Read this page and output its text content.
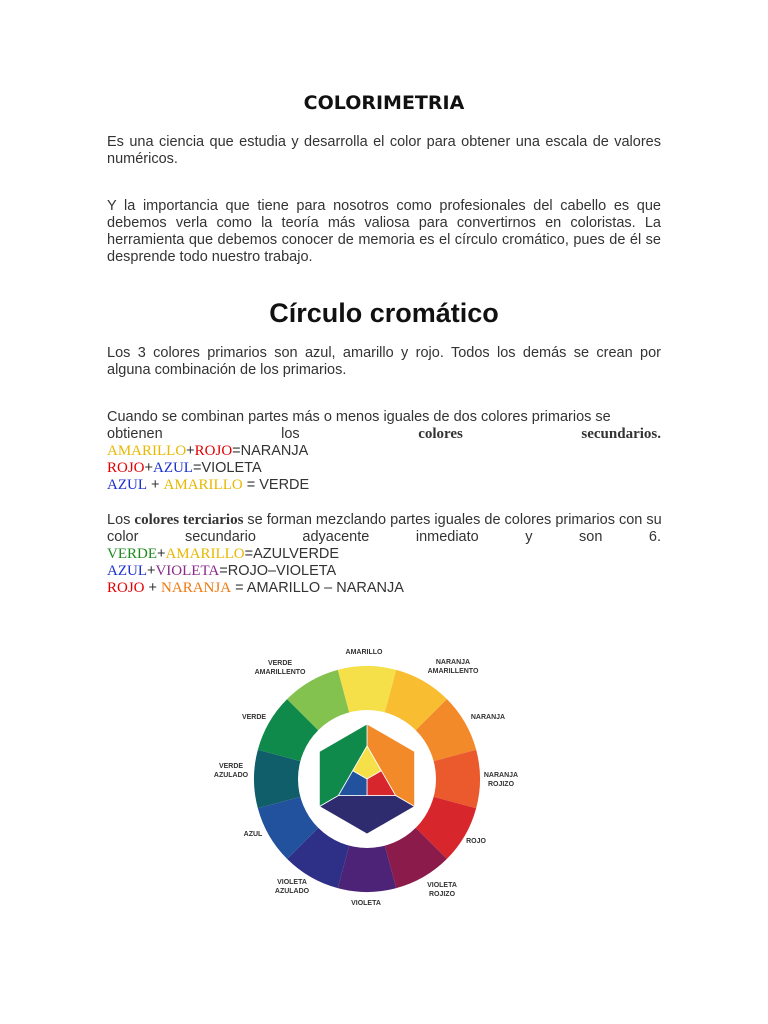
COLORIMETRIA

Es una ciencia que estudia y desarrolla el color para obtener una escala de valores numéricos.

Y la importancia que tiene para nosotros como profesionales del cabello es que debemos verla como la teoría más valiosa para convertirnos en coloristas. La herramienta que debemos conocer de memoria es el círculo cromático, pues de él se desprende todo nuestro trabajo.

Círculo cromático

Los 3 colores primarios son azul, amarillo y rojo. Todos los demás se crean por alguna combinación de los primarios.

Cuando se combinan partes más o menos iguales de dos colores primarios se
obtienen	los	colores	secundarios.
AMARILLO+ROJO=NARANJA
ROJO+AZUL=VIOLETA
AZUL + AMARILLO = VERDE
Los colores terciarios se forman mezclando partes iguales de colores primarios con su
color	secundario	adyacente	inmediato	y	son	6.
VERDE+AMARILLO=AZULVERDE
AZUL+VIOLETA=ROJO–VIOLETA
ROJO + NARANJA = AMARILLO – NARANJA
AMARILLO
NARANJA
AMARILLENTO
NARANJA
NARANJA
ROJIZO
ROJO
VIOLETA
ROJIZO
VIOLETA
VIOLETA
AZULADO
AZUL
VERDE
AZULADO
VERDE
VERDE
AMARILLENTO
